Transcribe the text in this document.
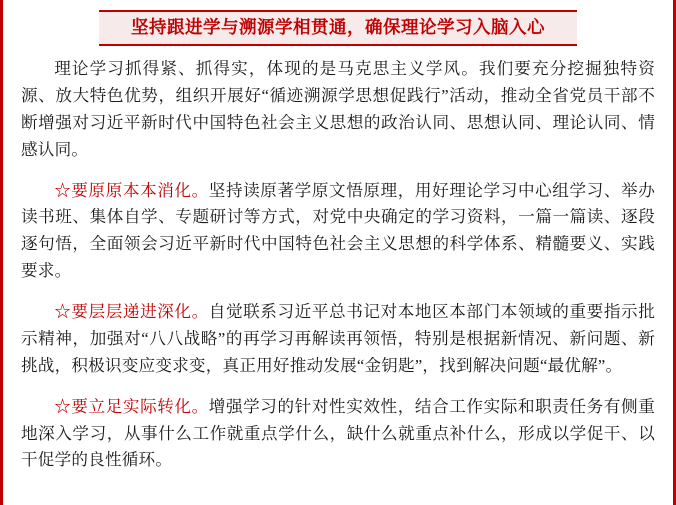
坚持跟进学与溯源学相贯通，确保理论学习入脑入心

理论学习抓得紧、抓得实，体现的是马克思主义学风。我们要充分挖掘独特资源、放大特色优势，组织开展好“循迹溯源学思想促践行”活动，推动全省党员干部不断增强对习近平新时代中国特色社会主义思想的政治认同、思想认同、理论认同、情感认同。

☆要原原本本消化。坚持读原著学原文悟原理，用好理论学习中心组学习、举办读书班、集体自学、专题研讨等方式，对党中央确定的学习资料，一篇一篇读、逐段逐句悟，全面领会习近平新时代中国特色社会主义思想的科学体系、精髓要义、实践要求。

☆要层层递进深化。自觉联系习近平总书记对本地区本部门本领域的重要指示批示精神，加强对“八八战略”的再学习再解读再领悟，特别是根据新情况、新问题、新挑战，积极识变应变求变，真正用好推动发展“金钥匙”，找到解决问题“最优解”。

☆要立足实际转化。增强学习的针对性实效性，结合工作实际和职责任务有侧重地深入学习，从事什么工作就重点学什么，缺什么就重点补什么，形成以学促干、以干促学的良性循环。
